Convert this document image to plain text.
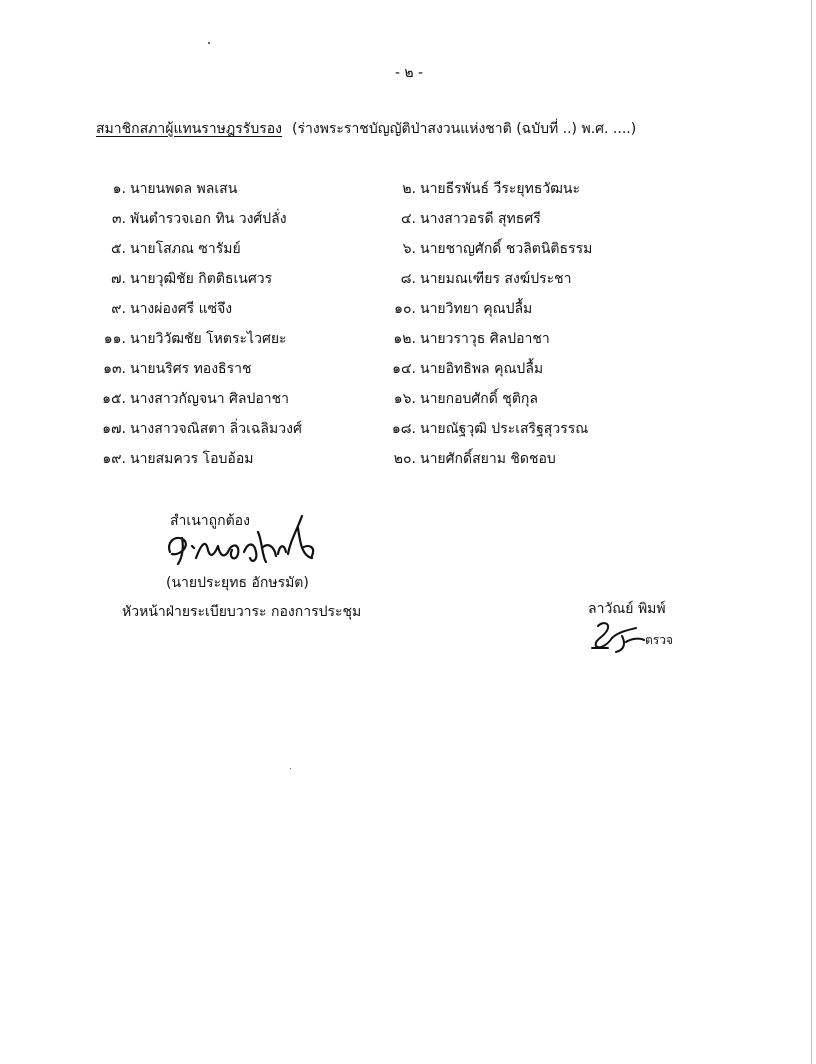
- ๒ -
สมาชิกสภาผู้แทนราษฎรรับรอง (ร่างพระราชบัญญัติป่าสงวนแห่งชาติ (ฉบับที่ ..) พ.ศ. ....)
๑. นายนพดล พลเสน	๒. นายธีรพันธ์ วีระยุทธวัฒนะ
๓. พันตำรวจเอก ทิน วงศ์ปลั่ง	๔. นางสาวอรดี สุทธศรี
๕. นายโสภณ ซารัมย์	๖. นายชาญศักดิ์ ชวลิตนิติธรรม
๗. นายวุฒิชัย กิตติธเนศวร	๘. นายมณเฑียร สงฆ์ประชา
๙. นางผ่องศรี แซ่จึง	๑๐. นายวิทยา คุณปลื้ม
๑๑. นายวิวัฒชัย โหตระไวศยะ	๑๒. นายวราวุธ ศิลปอาชา
๑๓. นายนริศร ทองธิราช	๑๔. นายอิทธิพล คุณปลื้ม
๑๕. นางสาวกัญจนา ศิลปอาชา	๑๖. นายกอบศักดิ์ ชุติกุล
๑๗. นางสาวจณิสตา ลิ่วเฉลิมวงศ์	๑๘. นายณัฐวุฒิ ประเสริฐสุวรรณ
๑๙. นายสมควร โอบอ้อม	๒๐. นายศักดิ์สยาม ชิดชอบ
สำเนาถูกต้อง
(นายประยุทธ อักษรมัต)
หัวหน้าฝ่ายระเบียบวาระ กองการประชุม	ลาวัณย์ พิมพ์
ตรวจ
